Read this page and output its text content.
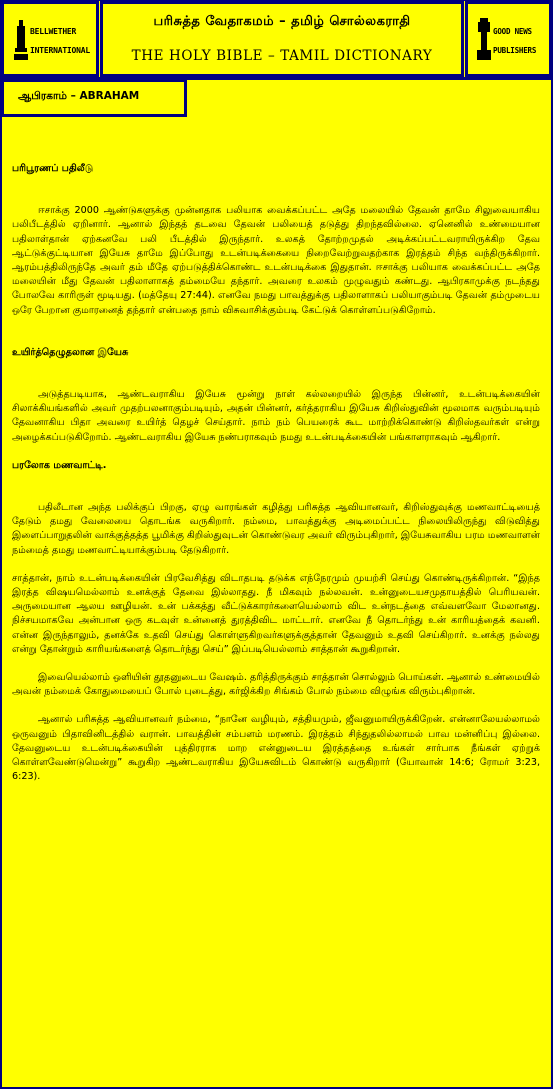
BELLWETHER
INTERNATIONAL
பரிசுத்த வேதாகமம் – தமிழ் சொல்லகராதி
THE HOLY BIBLE – TAMIL DICTIONARY
GOOD NEWS
PUBLISHERS
ஆபிரகாம் – ABRAHAM
பரிபூரணப் பதிலீடு

ஈசாக்கு 2000 ஆண்டுகளுக்கு முன்னதாக பலியாக வைக்கப்பட்ட அதே மலையில் தேவன் தாமே சிலுவையாகிய பலிபீடத்தில் ஏறினார். ஆனால் இந்தத் தடவை தேவன் பலியைத் தடுத்து திறந்தவில்லை. ஏனெனில் உண்மையான பதிலாள்தான் ஏற்கனவே பலி பீடத்தில் இருந்தார். உலகத் தோற்றமுதல் அடிக்கப்பட்டவராயிருக்கிற தேவ ஆட்டுக்குட்டியான இயேசு தாமே இப்போது உடன்படிக்கையை நிறைவேற்றுவதற்காக இரத்தம் சிந்த வந்திருக்கிறார். ஆரம்பத்திலிருந்தே அவர் தம் மீதே ஏற்படுத்திக்கொண்ட உடன்படிக்கை இதுதான். ஈசாக்கு பலியாக வைக்கப்பட்ட அதே மலையின் மீது தேவன் பதிலாளாகத் தம்மையே தந்தார். அவரை உலகம் முழுவதும் கண்டது. ஆபிரகாமுக்கு நடந்தது போலவே காரிருள் மூடியது. (மத்தேயு 27:44). எனவே நமது பாவத்துக்கு பதிலாளாகப் பலியாகும்படி தேவன் தம்முடைய ஒரே பேறான குமாரனைத் தந்தார் என்பதை நாம் விசுவாசிக்கும்படி கேட்டுக் கொள்ளப்படுகிறோம்.

உயிர்த்தெழுதலான இயேசு

அடுத்தபடியாக, ஆண்டவராகிய இயேசு மூன்று நாள் கல்லறையில் இருந்த பின்னர், உடன்படிக்கையின் சிலாக்கியங்களில் அவர் முதற்பலனாகும்படியும், அதன் பின்னர், கர்த்தராகிய இயேசு கிறிஸ்துவின் மூலமாக வரும்படியும் தேவனாகிய பிதா அவரை உயிர்த் தெழச் செய்தார். நாம் நம் பெயரைக் கூட மாற்றிக்கொண்டு கிறிஸ்தவர்கள் என்று அழைக்கப்படுகிறோம். ஆண்டவராகிய இயேசு நண்பராகவும் நமது உடன்படிக்கையின் பங்காளராகவும் ஆகிறார்.

பரலோக மணவாட்டி.

பதிலீடான அந்த பலிக்குப் பிறகு, ஏழு வாரங்கள் கழித்து பரிசுத்த ஆவியானவர், கிறிஸ்துவுக்கு மணவாட்டியைத் தேடும் தமது வேலையை தொடங்க வருகிறார். நம்மை, பாவத்துக்கு அடிமைப்பட்ட நிலையிலிருந்து விடுவித்து இளைப்பாறுதலின் வாக்குத்தத்த பூமிக்கு கிறிஸ்துவுடன் கொண்டுவர அவர் விரும்புகிறார், இயேசுவாகிய பரம மணவாளன் நம்மைத் தமது மணவாட்டியாக்கும்படி தேடுகிறார்.

சாத்தான், நாம் உடன்படிக்கையின் பிரவேசித்து விடாதபடி தடுக்க எந்நேரமும் முயற்சி செய்து கொண்டிருக்கிறான். “இந்த இரத்த விஷயமெல்லாம் உனக்குத் தேவை இல்லாதது. நீ மிகவும் நல்லவன். உன்னுடையசமுதாயத்தில் பெரியவன். அருமையான ஆலய ஊழியன். உன் பக்கத்து வீட்டுக்காரர்களையெல்லாம் விட உன்நடத்தை எவ்வளவோ மேலானது. நிச்சயமாகவே அன்பான ஒரு கடவுள் உன்னைத் துரத்திவிட மாட்டார். எனவே நீ தொடர்ந்து உன் காரியத்தைக் கவனி. என்ன இருந்தாலும், தனக்கே உதவி செய்து கொள்ளுகிறவர்களுக்குத்தான் தேவனும் உதவி செய்கிறார். உனக்கு நல்லது என்று தோன்றும் காரியங்களைத் தொடர்ந்து செய்” இப்படியெல்லாம் சாத்தான் கூறுகிறான்.

இவையெல்லாம் ஒளியின் தூதனுடைய வேஷம். தரித்திருக்கும் சாத்தான் சொல்லும் பொய்கள். ஆனால் உண்மையில் அவன் நம்மைக் கோதுமையைப் போல் புடைத்து, கர்ஜிக்கிற சிங்கம் போல் நம்மை விழுங்க விரும்புகிறான்.

ஆனால் பரிசுத்த ஆவியானவர் நம்மை, “நானே வழியும், சத்தியமும், ஜீவனுமாயிருக்கிறேன். என்னாலேயல்லாமல் ஒருவனும் பிதாவினிடத்தில் வரான். பாவத்தின் சம்பளம் மரணம். இரத்தம் சிந்துதலில்லாமல் பாவ மன்னிப்பு இல்லை. தேவனுடைய உடன்படிக்கையின் புத்திரராக மாற என்னுடைய இரத்தத்தை உங்கள் சார்பாக நீங்கள் ஏற்றுக் கொள்ளவேண்டுமென்று” கூறுகிற ஆண்டவராகிய இயேசுவிடம் கொண்டு வருகிறார் (யோவான் 14:6; ரோமர் 3:23, 6:23).
